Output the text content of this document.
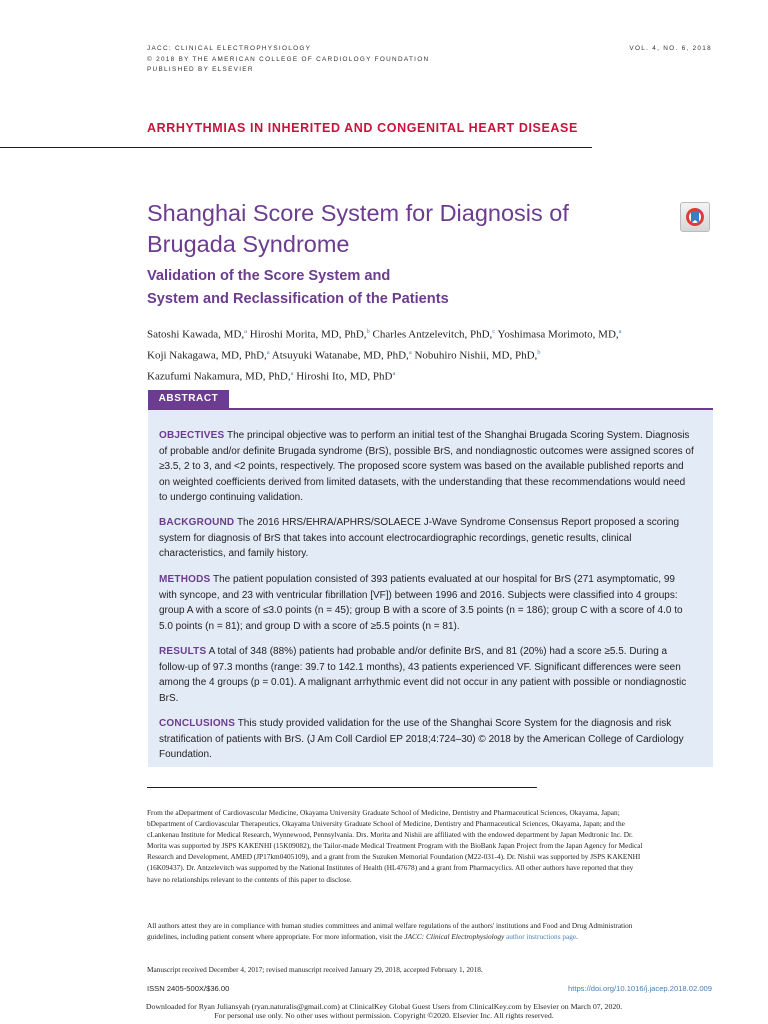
JACC: CLINICAL ELECTROPHYSIOLOGY
© 2018 BY THE AMERICAN COLLEGE OF CARDIOLOGY FOUNDATION
PUBLISHED BY ELSEVIER
VOL. 4, NO. 6, 2018
ARRHYTHMIAS IN INHERITED AND CONGENITAL HEART DISEASE
Shanghai Score System for Diagnosis of
Brugada Syndrome
Validation of the Score System and
System and Reclassification of the Patients
Satoshi Kawada, MD,$^a$ Hiroshi Morita, MD, PhD,$^b$ Charles Antzelevitch, PhD,$^c$ Yoshimasa Morimoto, MD,$^a$
Koji Nakagawa, MD, PhD,$^a$ Atsuyuki Watanabe, MD, PhD,$^a$ Nobuhiro Nishii, MD, PhD,$^b$
Kazufumi Nakamura, MD, PhD,$^a$ Hiroshi Ito, MD, PhD$^a$
ABSTRACT
OBJECTIVES The principal objective was to perform an initial test of the Shanghai Brugada Scoring System. Diagnosis of probable and/or definite Brugada syndrome (BrS), possible BrS, and nondiagnostic outcomes were assigned scores of ≥3.5, 2 to 3, and <2 points, respectively. The proposed score system was based on the available published reports and on weighted coefficients derived from limited datasets, with the understanding that these recommendations would need to undergo continuing validation.
BACKGROUND The 2016 HRS/EHRA/APHRS/SOLAECE J-Wave Syndrome Consensus Report proposed a scoring system for diagnosis of BrS that takes into account electrocardiographic recordings, genetic results, clinical characteristics, and family history.
METHODS The patient population consisted of 393 patients evaluated at our hospital for BrS (271 asymptomatic, 99 with syncope, and 23 with ventricular fibrillation [VF]) between 1996 and 2016. Subjects were classified into 4 groups: group A with a score of ≤3.0 points (n = 45); group B with a score of 3.5 points (n = 186); group C with a score of 4.0 to 5.0 points (n = 81); and group D with a score of ≥5.5 points (n = 81).
RESULTS A total of 348 (88%) patients had probable and/or definite BrS, and 81 (20%) had a score ≥5.5. During a follow-up of 97.3 months (range: 39.7 to 142.1 months), 43 patients experienced VF. Significant differences were seen among the 4 groups (p = 0.01). A malignant arrhythmic event did not occur in any patient with possible or nondiagnostic BrS.
CONCLUSIONS This study provided validation for the use of the Shanghai Score System for the diagnosis and risk stratification of patients with BrS. (J Am Coll Cardiol EP 2018;4:724–30) © 2018 by the American College of Cardiology Foundation.
From the aDepartment of Cardiovascular Medicine, Okayama University Graduate School of Medicine, Dentistry and Pharmaceutical Sciences, Okayama, Japan; bDepartment of Cardiovascular Therapeutics, Okayama University Graduate School of Medicine, Dentistry and Pharmaceutical Sciences, Okayama, Japan; and the cLankenau Institute for Medical Research, Wynnewood, Pennsylvania. Drs. Morita and Nishii are affiliated with the endowed department by Japan Medtronic Inc. Dr. Morita was supported by JSPS KAKENHI (15K09082), the Tailor-made Medical Treatment Program with the BioBank Japan Project from the Japan Agency for Medical Research and Development, AMED (JP17km0405109), and a grant from the Suzuken Memorial Foundation (M22-031-4). Dr. Nishii was supported by JSPS KAKENHI (16K09437). Dr. Antzelevitch was supported by the National Institutes of Health (HL47678) and a grant from Pharmacyclics. All other authors have reported that they have no relationships relevant to the contents of this paper to disclose.
All authors attest they are in compliance with human studies committees and animal welfare regulations of the authors' institutions and Food and Drug Administration guidelines, including patient consent where appropriate. For more information, visit the JACC: Clinical Electrophysiology author instructions page.
Manuscript received December 4, 2017; revised manuscript received January 29, 2018, accepted February 1, 2018.
ISSN 2405-500X/$36.00	https://doi.org/10.1016/j.jacep.2018.02.009
Downloaded for Ryan Juliansyah (ryan.naturalis@gmail.com) at ClinicalKey Global Guest Users from ClinicalKey.com by Elsevier on March 07, 2020.
For personal use only. No other uses without permission. Copyright ©2020. Elsevier Inc. All rights reserved.
